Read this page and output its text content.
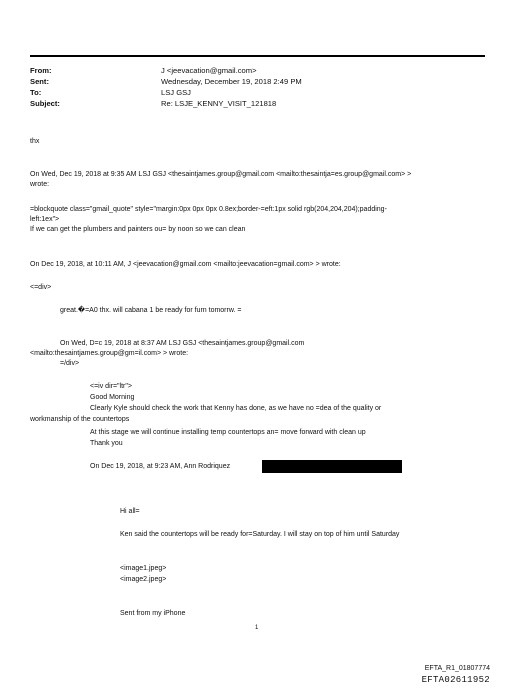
From:	J <jeevacation@gmail.com>
Sent:	Wednesday, December 19, 2018 2:49 PM
To:	LSJ GSJ
Subject:	Re: LSJE_KENNY_VISIT_121818
thx
On Wed, Dec 19, 2018 at 9:35 AM LSJ GSJ <thesaintjames.group@gmail.com <mailto:thesaintja=es.group@gmail.com> >
wrote:
=blockquote class="gmail_quote" style="margin:0px 0px 0px 0.8ex;border-=eft:1px solid rgb(204,204,204);padding-
left:1ex">
If we can get the plumbers and painters ou= by noon so we can clean
On Dec 19, 2018, at 10:11 AM, J <jeevacation@gmail.com <mailto:jeevacation=gmail.com> > wrote:
<=div>
great.�=A0 thx. will cabana 1 be ready for furn tomorrw. =
On Wed, D=c 19, 2018 at 8:37 AM LSJ GSJ <thesaintjames.group@gmail.com
<mailto:thesaintjames.group@gm=il.com> > wrote:
=/div>
<=iv dir="ltr">
Good Morning
Clearly Kyle should check the work that Kenny has done, as we have no =dea of the quality or
workmanship of the countertops
At this stage we will continue installing temp countertops an= move forward with clean up
Thank you
On Dec 19, 2018, at 9:23 AM, Ann Rodriquez
Hi all=
Ken said the countertops will be ready for=Saturday. I will stay on top of him until Saturday
<image1.jpeg>
<image2.jpeg>
Sent from my iPhone
1
EFTA_R1_01807774
EFTA02611952
